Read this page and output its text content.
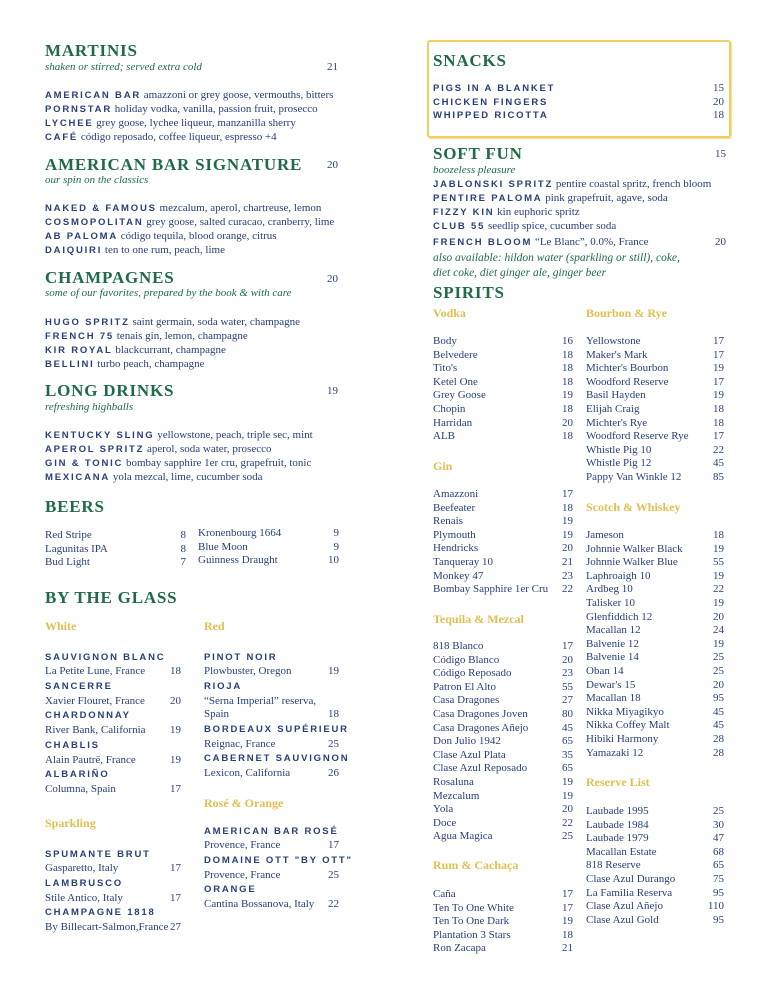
MARTINIS
shaken or stirred; served extra cold	21
AMERICAN BAR amazzoni or grey goose, vermouths, bitters
PORNSTAR holiday vodka, vanilla, passion fruit, prosecco
LYCHEE grey goose, lychee liqueur, manzanilla sherry
CAFÉ código reposado, coffee liqueur, espresso +4
AMERICAN BAR SIGNATURE	20
our spin on the classics
NAKED & FAMOUS mezcalum, aperol, chartreuse, lemon
COSMOPOLITAN grey goose, salted curacao, cranberry, lime
AB PALOMA código tequila, blood orange, citrus
DAIQUIRI ten to one rum, peach, lime
CHAMPAGNES	20
some of our favorites, prepared by the book & with care
HUGO SPRITZ saint germain, soda water, champagne
FRENCH 75 tenais gin, lemon, champagne
KIR ROYAL blackcurrant, champagne
BELLINI turbo peach, champagne
LONG DRINKS	19
refreshing highballs
KENTUCKY SLING yellowstone, peach, triple sec, mint
APEROL SPRITZ aperol, soda water, prosecco
GIN & TONIC bombay sapphire 1er cru, grapefruit, tonic
MEXICANA yola mezcal, lime, cucumber soda
BEERS
Red Stripe	8
Lagunitas IPA	8
Bud Light	7
Kronenbourg 1664	9
Blue Moon	9
Guinness Draught	10
BY THE GLASS
White
SAUVIGNON BLANC
La Petite Lune, France 18
SANCERRE
Xavier Flouret, France 20
CHARDONNAY
River Bank, California 19
CHABLIS
Alain Pautrё, France	19
ALBARIÑO
Columna, Spain	17
Sparkling
SPUMANTE BRUT
Gasparetto, Italy	17
LAMBRUSCO
Stile Antico, Italy	17
CHAMPAGNE 1818
By Billecart-Salmon,France 27
Red
PINOT NOIR
Plowbuster, Oregon	19
RIOJA
“Serna Imperial” reserva,
Spain	18
BORDEAUX SUPÉRIEUR
Reignac, France	25
CABERNET SAUVIGNON
Lexicon, California	26
Rosé & Orange
AMERICAN BAR ROSÉ
Provence, France	17
DOMAINE OTT "BY OTT"
Provence, France	25
ORANGE
Cantina Bossanova, Italy 22
SNACKS
PIGS IN A BLANKET	15
CHICKEN FINGERS	20
WHIPPED RICOTTA	18
SOFT FUN	15
boozeless pleasure
JABLONSKI SPRITZ pentire coastal spritz, french bloom
PENTIRE PALOMA pink grapefruit, agave, soda
FIZZY KIN kin euphoric spritz
CLUB 55 seedlip spice, cucumber soda
FRENCH BLOOM “Le Blanc”, 0.0%, France	20
also available: hildon water (sparkling or still), coke,
diet coke, diet ginger ale, ginger beer
SPIRITS
Vodka
Body	16
Belvedere	18
Tito's	18
Ketel One	18
Grey Goose	19
Chopin	18
Harridan	20
ALB	18
Gin
Amazzoni	17
Beefeater	18
Renais	19
Plymouth	19
Hendricks	20
Tanqueray 10	21
Monkey 47	23
Bombay Sapphire 1er Cru 22
Tequila & Mezcal
818 Blanco	17
Código Blanco	20
Código Reposado	23
Patron El Alto	55
Casa Dragones	27
Casa Dragones Joven	80
Casa Dragones Añejo	45
Don Julio 1942	65
Clase Azul Plata	35
Clase Azul Reposado	65
Rosaluna	19
Mezcalum	19
Yola	20
Doce	22
Agua Magica	25
Rum & Cachaça
Caña	17
Ten To One White	17
Ten To One Dark	19
Plantation 3 Stars	18
Ron Zacapa	21
Bourbon & Rye
Yellowstone	17
Maker's Mark	17
Michter's Bourbon	19
Woodford Reserve	17
Basil Hayden	19
Elijah Craig	18
Michter's Rye	18
Woodford Reserve Rye 17
Whistle Pig 10	22
Whistle Pig 12	45
Pappy Van Winkle 12	85
Scotch & Whiskey
Jameson	18
Johnnie Walker Black	19
Johnnie Walker Blue	55
Laphroaigh 10	19
Ardbeg 10	22
Talisker 10	19
Glenfiddich 12	20
Macallan 12	24
Balvenie 12	19
Balvenie 14	25
Oban 14	25
Dewar's 15	20
Macallan 18	95
Nikka Miyagikyo	45
Nikka Coffey Malt	45
Hibiki Harmony	28
Yamazaki 12	28
Reserve List
Laubade 1995	25
Laubade 1984	30
Laubade 1979	47
Macallan Estate	68
818 Reserve	65
Clase Azul Durango	75
La Familia Reserva	95
Clase Azul Añejo	110
Clase Azul Gold	95
